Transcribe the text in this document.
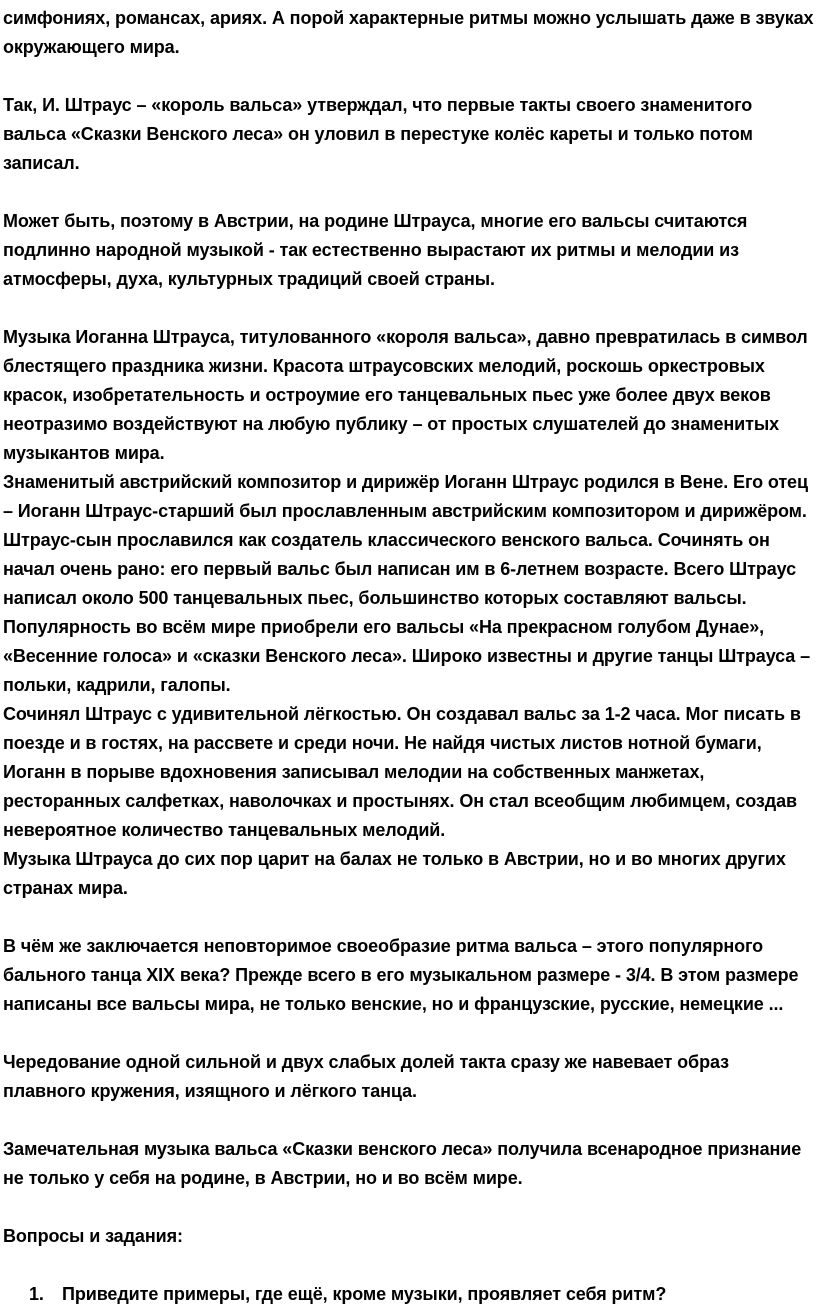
симфониях, романсах, ариях. А порой характерные ритмы можно услышать даже в звуках окружающего мира.

Так, И. Штраус – «король вальса» утверждал, что первые такты своего знаменитого вальса «Сказки Венского леса» он уловил в перестуке колёс кареты и только потом записал.

Может быть, поэтому в Австрии, на родине Штрауса, многие его вальсы считаются подлинно народной музыкой - так естественно вырастают их ритмы и мелодии из атмосферы, духа, культурных традиций своей страны.

Музыка Иоганна Штрауса, титулованного «короля вальса», давно превратилась в символ блестящего праздника жизни. Красота штраусовских мелодий, роскошь оркестровых красок, изобретательность и остроумие его танцевальных пьес уже более двух веков неотразимо воздействуют на любую публику – от простых слушателей до знаменитых музыкантов мира.

Знаменитый австрийский композитор и дирижёр Иоганн Штраус родился в Вене. Его отец – Иоганн Штраус-старший был прославленным австрийским композитором и дирижёром. Штраус-сын прославился как создатель классического венского вальса. Сочинять он начал очень рано: его первый вальс был написан им в 6-летнем возрасте. Всего Штраус написал около 500 танцевальных пьес, большинство которых составляют вальсы. Популярность во всём мире приобрели его вальсы «На прекрасном голубом Дунае», «Весенние голоса» и «сказки Венского леса». Широко известны и другие танцы Штрауса – польки, кадрили, галопы.

Сочинял Штраус с удивительной лёгкостью. Он создавал вальс за 1-2 часа. Мог писать в поезде и в гостях, на рассвете и среди ночи. Не найдя чистых листов нотной бумаги, Иоганн в порыве вдохновения записывал мелодии на собственных манжетах, ресторанных салфетках, наволочках и простынях. Он стал всеобщим любимцем, создав невероятное количество танцевальных мелодий.

Музыка Штрауса до сих пор царит на балах не только в Австрии, но и во многих других странах мира.

В чём же заключается неповторимое своеобразие ритма вальса – этого популярного бального танца XIX века? Прежде всего в его музыкальном размере - 3/4. В этом размере написаны все вальсы мира, не только венские, но и французские, русские, немецкие ...

Чередование одной сильной и двух слабых долей такта сразу же навевает образ плавного кружения, изящного и лёгкого танца.

Замечательная музыка вальса «Сказки венского леса» получила всенародное признание не только у себя на родине, в Австрии, но и во всём мире.

Вопросы и задания:

1.	Приведите примеры, где ещё, кроме музыки, проявляет себя ритм?
